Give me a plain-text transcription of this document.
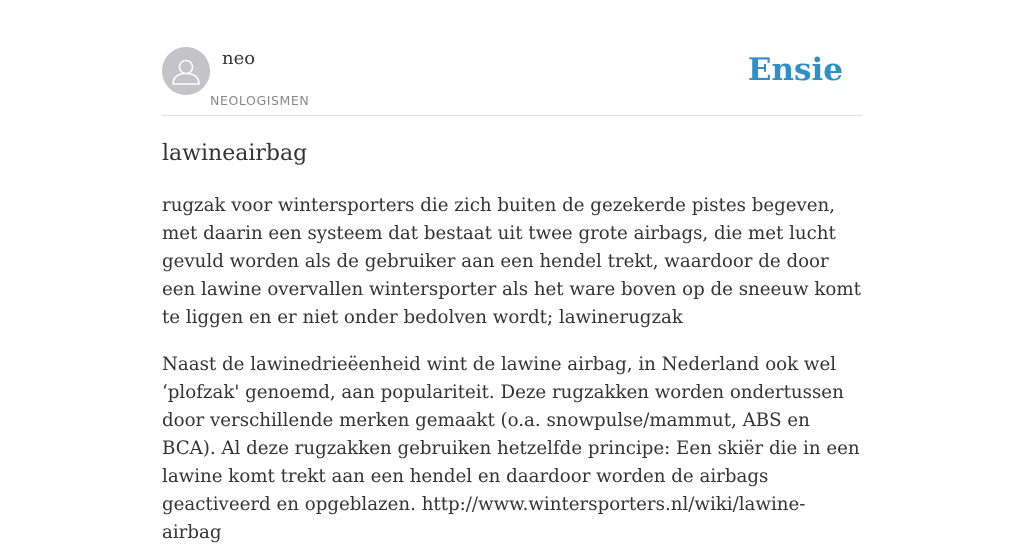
neo
NEOLOGISMEN
Ensie
lawineairbag

rugzak voor wintersporters die zich buiten de gezekerde pistes begeven, met daarin een systeem dat bestaat uit twee grote airbags, die met lucht gevuld worden als de gebruiker aan een hendel trekt, waardoor de door een lawine overvallen wintersporter als het ware boven op de sneeuw komt te liggen en er niet onder bedolven wordt; lawinerugzak

Naast de lawinedrieëenheid wint de lawine airbag, in Nederland ook wel ‘plofzak' genoemd, aan populariteit. Deze rugzakken worden ondertussen door verschillende merken gemaakt (o.a. snowpulse/mammut, ABS en BCA). Al deze rugzakken gebruiken hetzelfde principe: Een skiër die in een lawine komt trekt aan een hendel en daardoor worden de airbags geactiveerd en opgeblazen. http://www.wintersporters.nl/wiki/lawine-airbag
